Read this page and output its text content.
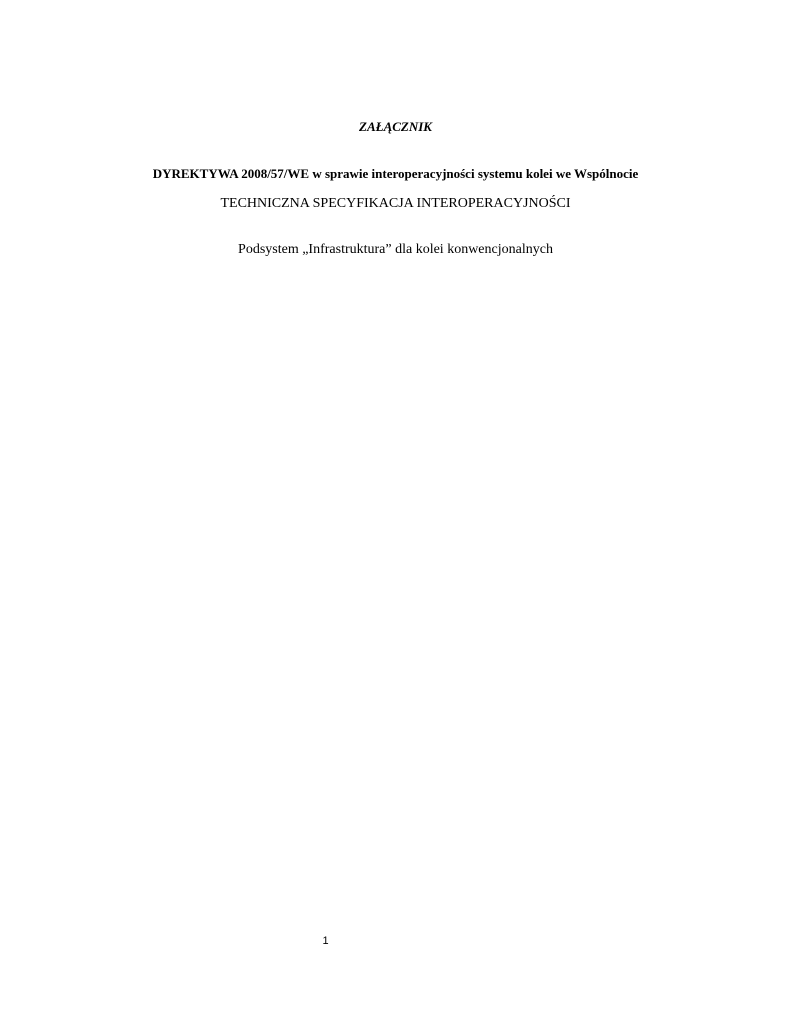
ZAŁĄCZNIK
DYREKTYWA 2008/57/WE w sprawie interoperacyjności systemu kolei we Wspólnocie
TECHNICZNA SPECYFIKACJA INTEROPERACYJNOŚCI
Podsystem „Infrastruktura” dla kolei konwencjonalnych
1
